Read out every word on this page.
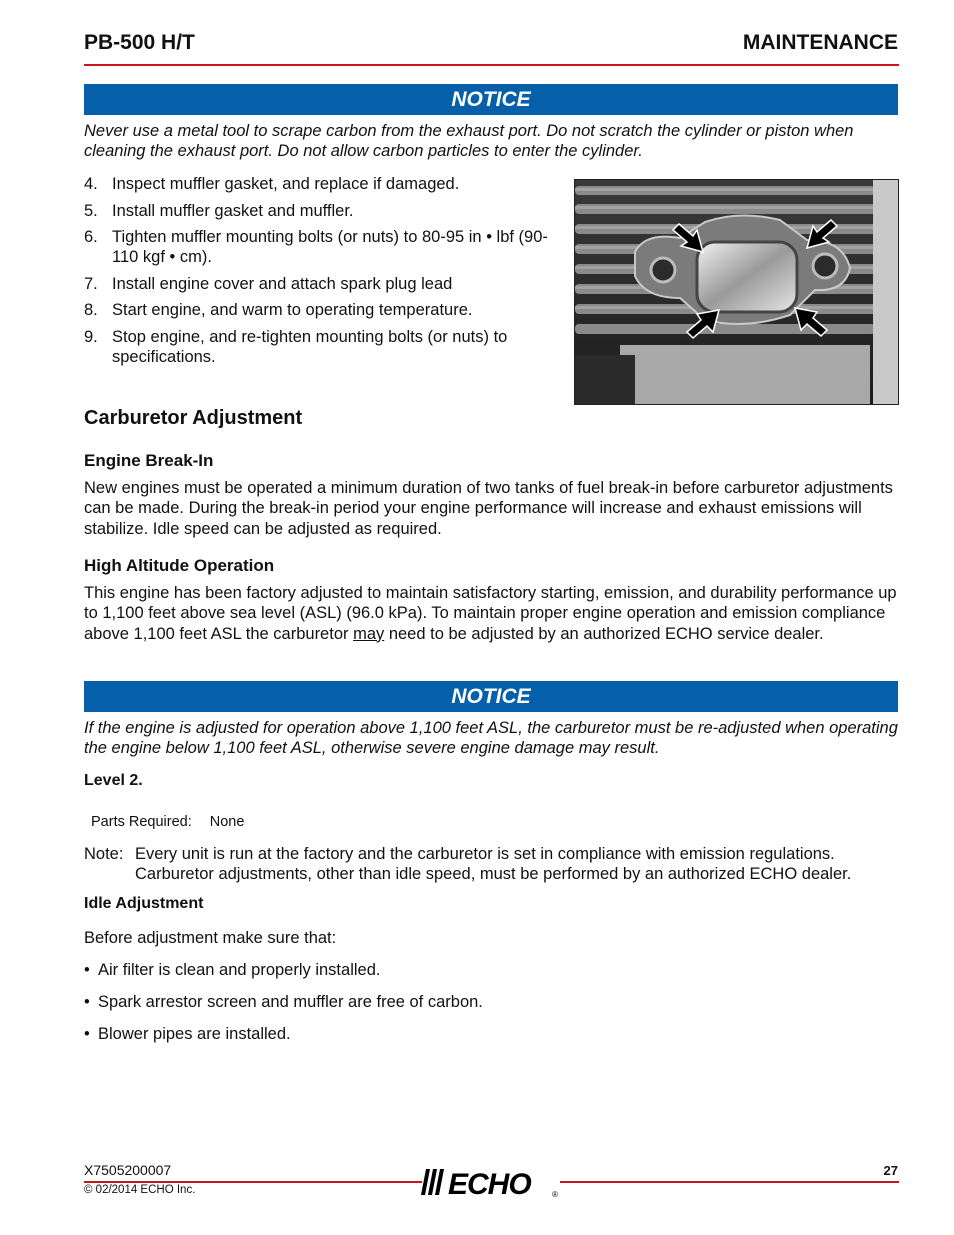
PB-500 H/T	MAINTENANCE
NOTICE
Never use a metal tool to scrape carbon from the exhaust port. Do not scratch the cylinder or piston when cleaning the exhaust port. Do not allow carbon particles to enter the cylinder.
4. Inspect muffler gasket, and replace if damaged.
5. Install muffler gasket and muffler.
6. Tighten muffler mounting bolts (or nuts) to 80-95 in • lbf (90-110 kgf • cm).
7. Install engine cover and attach spark plug lead
8. Start engine, and warm to operating temperature.
9. Stop engine, and re-tighten mounting bolts (or nuts) to specifications.
Carburetor Adjustment
Engine Break-In
New engines must be operated a minimum duration of two tanks of fuel break-in before carburetor adjustments can be made. During the break-in period your engine performance will increase and exhaust emissions will stabilize. Idle speed can be adjusted as required.
High Altitude Operation
This engine has been factory adjusted to maintain satisfactory starting, emission, and durability performance up to 1,100 feet above sea level (ASL) (96.0 kPa). To maintain proper engine operation and emission compliance above 1,100 feet ASL the carburetor may need to be adjusted by an authorized ECHO service dealer.
NOTICE
If the engine is adjusted for operation above 1,100 feet ASL, the carburetor must be re-adjusted when operating the engine below 1,100 feet ASL, otherwise severe engine damage may result.
Level 2.
Parts Required: None
Note: Every unit is run at the factory and the carburetor is set in compliance with emission regulations. Carburetor adjustments, other than idle speed, must be performed by an authorized ECHO dealer.
Idle Adjustment
Before adjustment make sure that:
• Air filter is clean and properly installed.
• Spark arrestor screen and muffler are free of carbon.
• Blower pipes are installed.
X7505200007
© 02/2014 ECHO Inc.
27
ECHO	®
